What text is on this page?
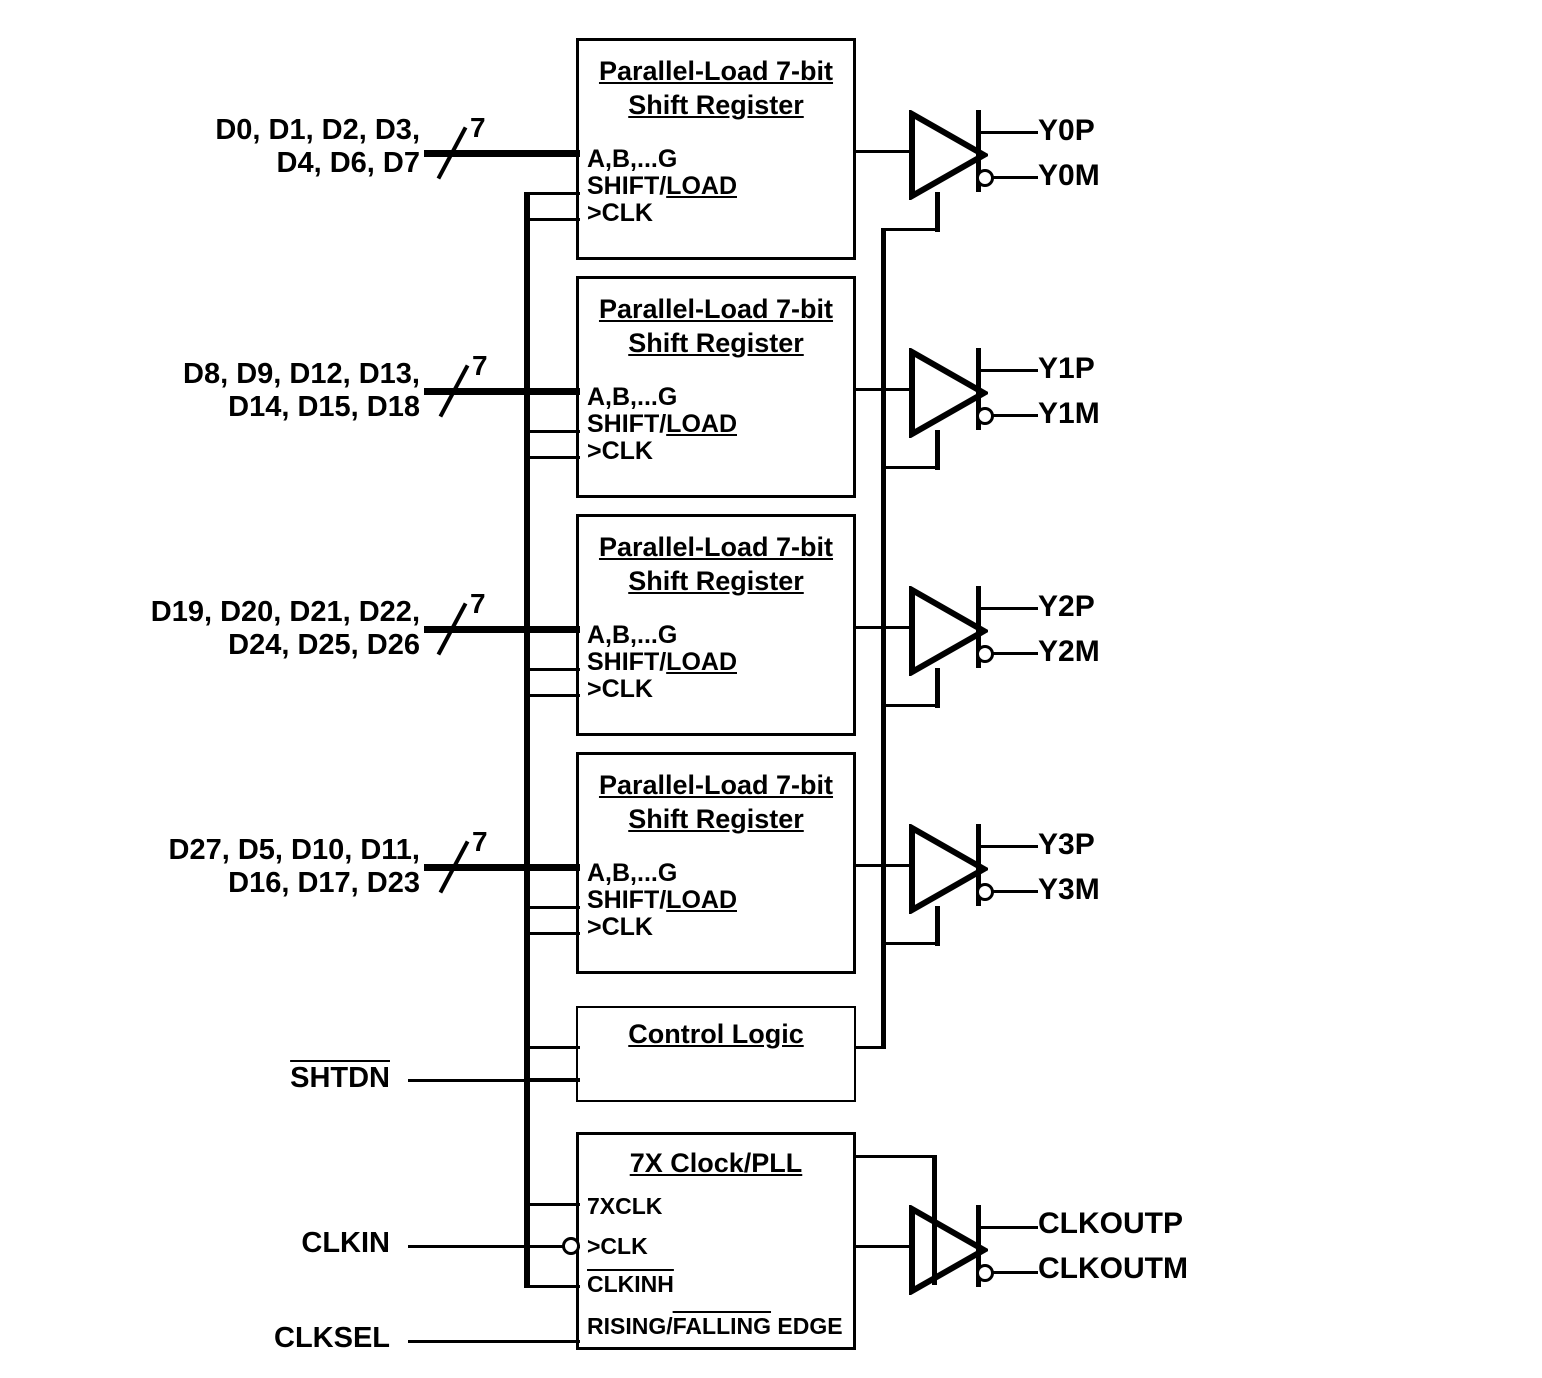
Parallel-Load 7-bit
Shift Register
A,B,...G
SHIFT/LOAD
>CLK
Parallel-Load 7-bit
Shift Register
A,B,...G
SHIFT/LOAD
>CLK
Parallel-Load 7-bit
Shift Register
A,B,...G
SHIFT/LOAD
>CLK
Parallel-Load 7-bit
Shift Register
A,B,...G
SHIFT/LOAD
>CLK
Control Logic
7X Clock/PLL
7XCLK
>CLK
CLKINH
RISING/FALLING EDGE
D0, D1, D2, D3,
D4, D6, D7
7
D8, D9, D12, D13,
D14, D15, D18
7
D19, D20, D21, D22,
D24, D25, D26
7
D27, D5, D10, D11,
D16, D17, D23
7
SHTDN
CLKIN
CLKSEL
Y0P
Y0M
Y1P
Y1M
Y2P
Y2M
Y3P
Y3M
CLKOUTP
CLKOUTM
